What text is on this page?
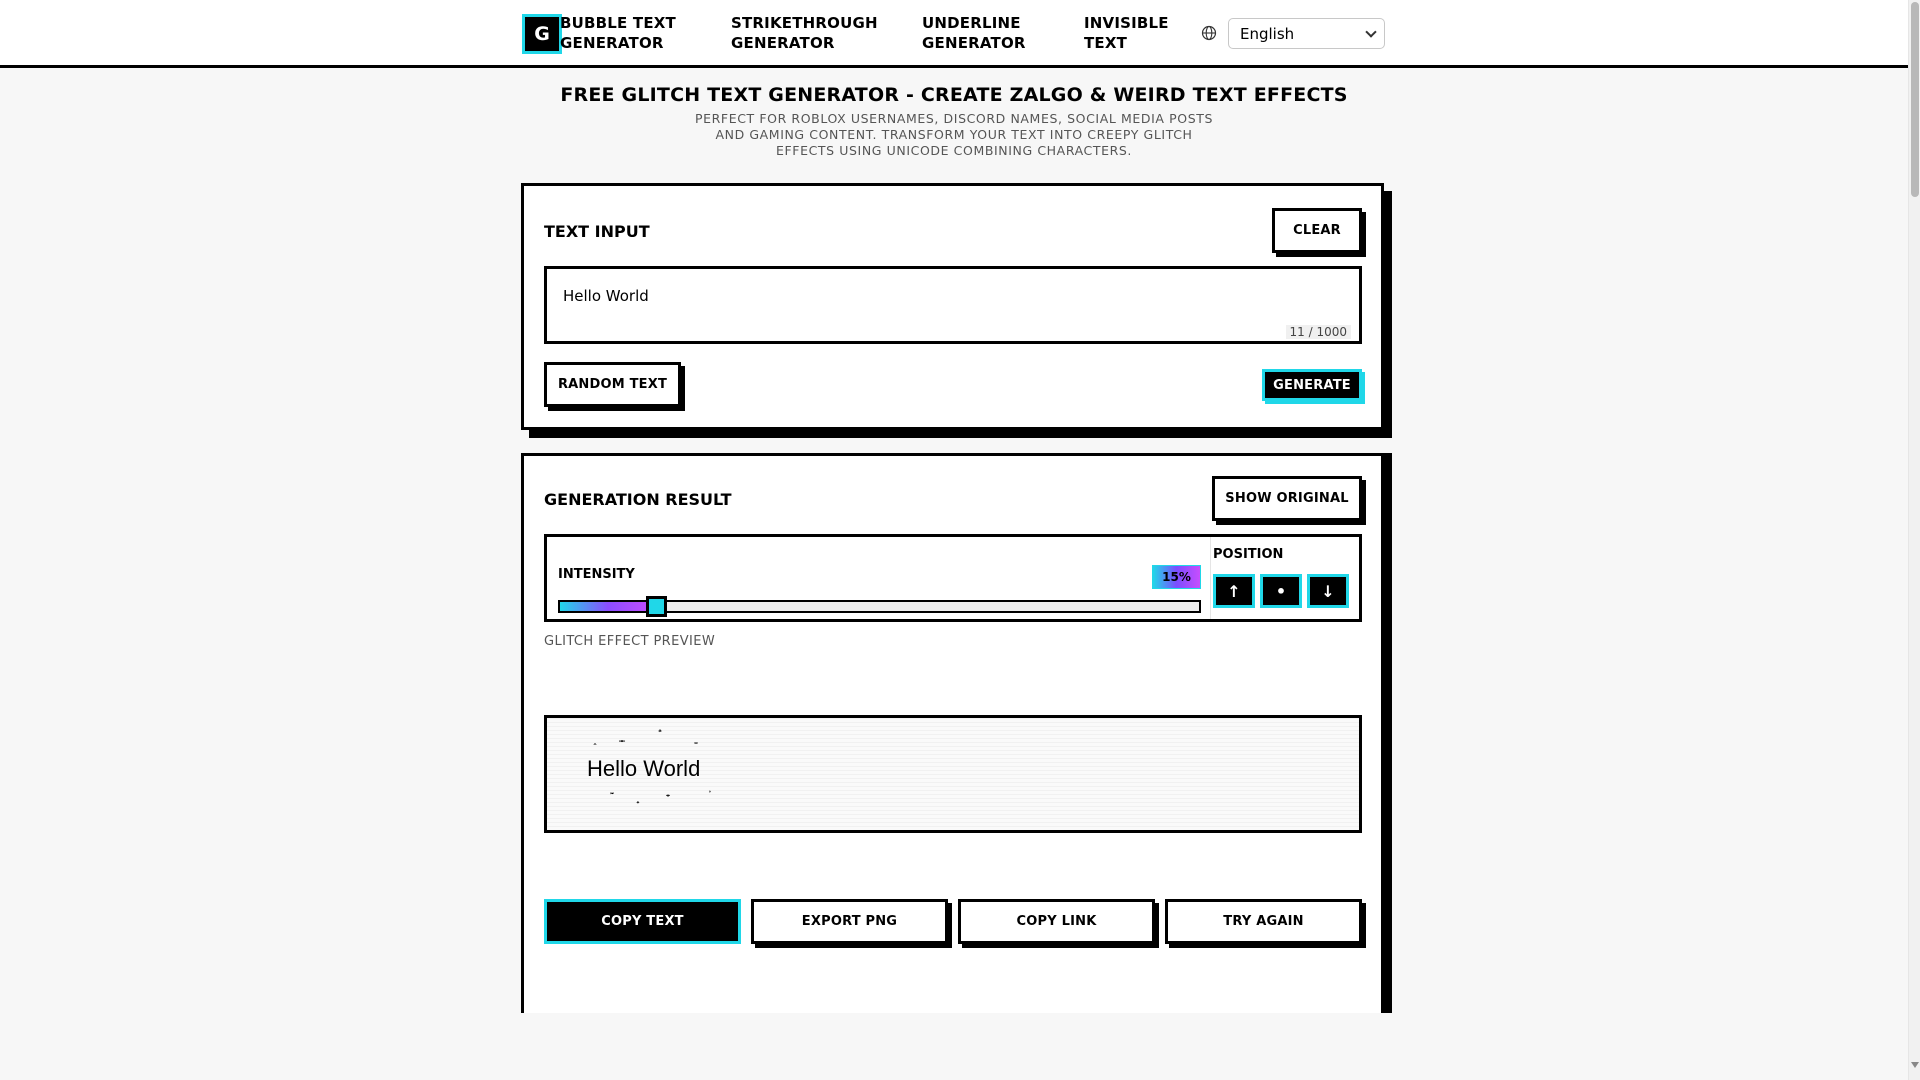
G BUBBLE TEXT GENERATOR
STRIKETHROUGH GENERATOR
UNDERLINE GENERATOR
INVISIBLE TEXT
English
FREE GLITCH TEXT GENERATOR - CREATE ZALGO & WEIRD TEXT EFFECTS
PERFECT FOR ROBLOX USERNAMES, DISCORD NAMES, SOCIAL MEDIA POSTS AND GAMING CONTENT. TRANSFORM YOUR TEXT INTO CREEPY GLITCH EFFECTS USING UNICODE COMBINING CHARACTERS.
TEXT INPUT	CLEAR
Hello World
11 / 1000
RANDOM TEXT	GENERATE
GENERATION RESULT	SHOW ORIGINAL
INTENSITY	15%
POSITION
↑ • ↓
GLITCH EFFECT PREVIEW
Hello World
̽̿
COPY TEXT	EXPORT PNG	COPY LINK	TRY AGAIN
